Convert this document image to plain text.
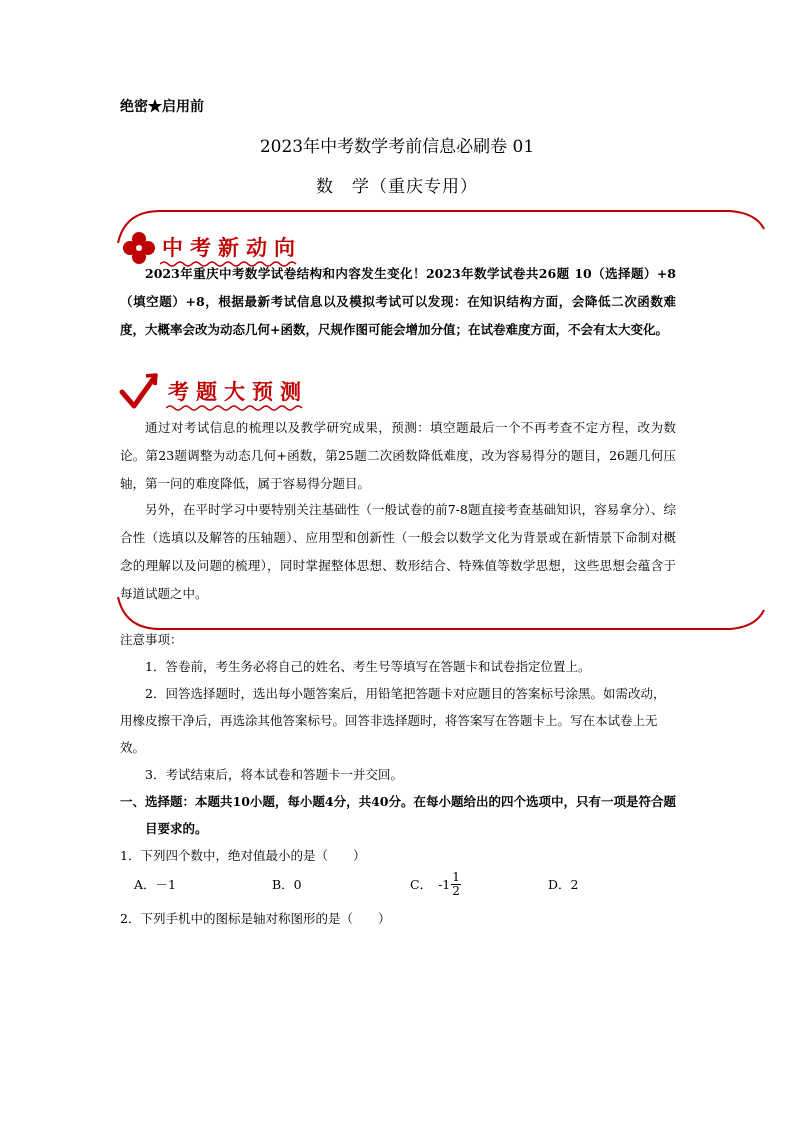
绝密★启用前
2023年中考数学考前信息必刷卷 01
数　学（重庆专用）
中考新动向

2023年重庆中考数学试卷结构和内容发生变化！2023年数学试卷共26题 10（选择题）+8（填空题）+8，根据最新考试信息以及模拟考试可以发现：在知识结构方面，会降低二次函数难度，大概率会改为动态几何+函数，尺规作图可能会增加分值；在试卷难度方面，不会有太大变化。

考题大预测

通过对考试信息的梳理以及教学研究成果，预测：填空题最后一个不再考查不定方程，改为数论。第23题调整为动态几何+函数，第25题二次函数降低难度，改为容易得分的题目，26题几何压轴，第一问的难度降低，属于容易得分题目。

另外，在平时学习中要特别关注基础性（一般试卷的前7-8题直接考查基础知识，容易拿分）、综合性（选填以及解答的压轴题）、应用型和创新性（一般会以数学文化为背景或在新情景下命制对概念的理解以及问题的梳理），同时掌握整体思想、数形结合、特殊值等数学思想，这些思想会蕴含于每道试题之中。

注意事项：

1．答卷前，考生务必将自己的姓名、考生号等填写在答题卡和试卷指定位置上。

2．回答选择题时，选出每小题答案后，用铅笔把答题卡对应题目的答案标号涂黑。如需改动，用橡皮擦干净后，再选涂其他答案标号。回答非选择题时，将答案写在答题卡上。写在本试卷上无效。

3．考试结束后，将本试卷和答题卡一并交回。

一、选择题：本题共10小题，每小题4分，共40分。在每小题给出的四个选项中，只有一项是符合题目要求的。

1．下列四个数中，绝对值最小的是（　　）

A．－1	B．0	C． $-1 \frac{1}{2}$	D．2

2．下列手机中的图标是轴对称图形的是（　　）
